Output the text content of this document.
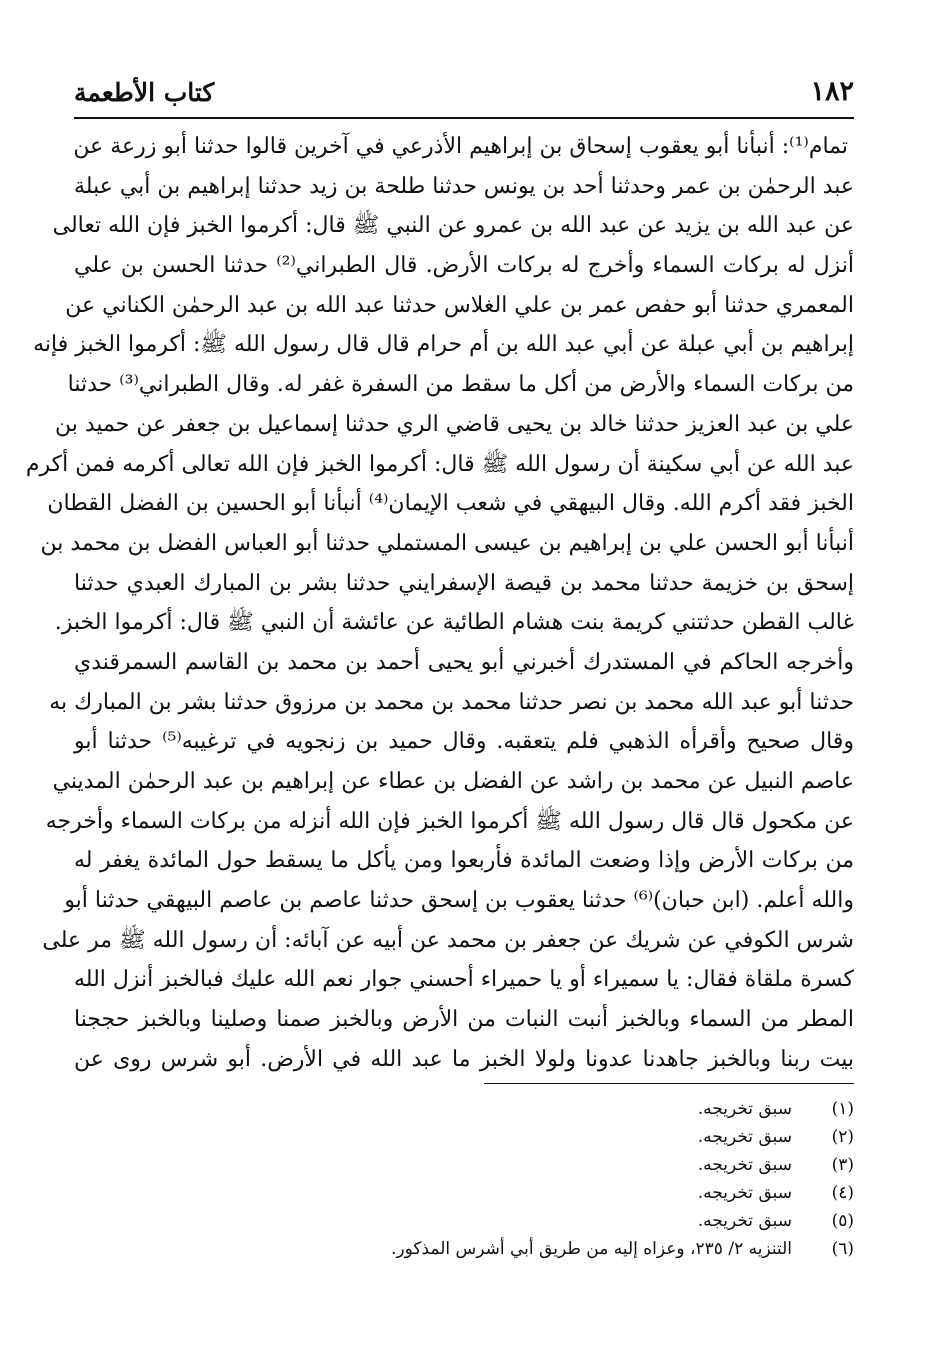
١٨٢
كتاب الأطعمة
تمام⁽¹⁾: أنبأنا أبو يعقوب إسحاق بن إبراهيم الأذرعي في آخرين قالوا حدثنا أبو زرعة عن
عبد الرحمٰن بن عمر وحدثنا أحد بن يونس حدثنا طلحة بن زيد حدثنا إبراهيم بن أبي عبلة
عن عبد الله بن يزيد عن عبد الله بن عمرو عن النبي ﷺ قال: أكرموا الخبز فإن الله تعالى
أنزل له بركات السماء وأخرج له بركات الأرض. قال الطبراني⁽²⁾ حدثنا الحسن بن علي
المعمري حدثنا أبو حفص عمر بن علي الغلاس حدثنا عبد الله بن عبد الرحمٰن الكناني عن
إبراهيم بن أبي عبلة عن أبي عبد الله بن أم حرام قال قال رسول الله ﷺ: أكرموا الخبز فإنه
من بركات السماء والأرض من أكل ما سقط من السفرة غفر له. وقال الطبراني⁽³⁾ حدثنا
علي بن عبد العزيز حدثنا خالد بن يحيى قاضي الري حدثنا إسماعيل بن جعفر عن حميد بن
عبد الله عن أبي سكينة أن رسول الله ﷺ قال: أكرموا الخبز فإن الله تعالى أكرمه فمن أكرم
الخبز فقد أكرم الله. وقال البيهقي في شعب الإيمان⁽⁴⁾ أنبأنا أبو الحسين بن الفضل القطان
أنبأنا أبو الحسن علي بن إبراهيم بن عيسى المستملي حدثنا أبو العباس الفضل بن محمد بن
إسحق بن خزيمة حدثنا محمد بن قيصة الإسفرايني حدثنا بشر بن المبارك العبدي حدثنا
غالب القطن حدثتني كريمة بنت هشام الطائية عن عائشة أن النبي ﷺ قال: أكرموا الخبز.
وأخرجه الحاكم في المستدرك أخبرني أبو يحيى أحمد بن محمد بن القاسم السمرقندي
حدثنا أبو عبد الله محمد بن نصر حدثنا محمد بن محمد بن مرزوق حدثنا بشر بن المبارك به
وقال صحيح وأقرأه الذهبي فلم يتعقبه. وقال حميد بن زنجويه في ترغيبه⁽⁵⁾ حدثنا أبو
عاصم النبيل عن محمد بن راشد عن الفضل بن عطاء عن إبراهيم بن عبد الرحمٰن المديني
عن مكحول قال قال رسول الله ﷺ أكرموا الخبز فإن الله أنزله من بركات السماء وأخرجه
من بركات الأرض وإذا وضعت المائدة فأربعوا ومن يأكل ما يسقط حول المائدة يغفر له
والله أعلم. (ابن حبان)⁽⁶⁾ حدثنا يعقوب بن إسحق حدثنا عاصم بن عاصم البيهقي حدثنا أبو
شرس الكوفي عن شريك عن جعفر بن محمد عن أبيه عن آبائه: أن رسول الله ﷺ مر على
كسرة ملقاة فقال: يا سميراء أو يا حميراء أحسني جوار نعم الله عليك فبالخبز أنزل الله
المطر من السماء وبالخبز أنبت النبات من الأرض وبالخبز صمنا وصلينا وبالخبز حججنا
بيت ربنا وبالخبز جاهدنا عدونا ولولا الخبز ما عبد الله في الأرض. أبو شرس روى عن
(١)سبق تخريجه.
(٢)سبق تخريجه.
(٣)سبق تخريجه.
(٤)سبق تخريجه.
(٥)سبق تخريجه.
(٦)التنزيه ٢/ ٢٣٥، وعزاه إليه من طريق أبي أشرس المذكور.
